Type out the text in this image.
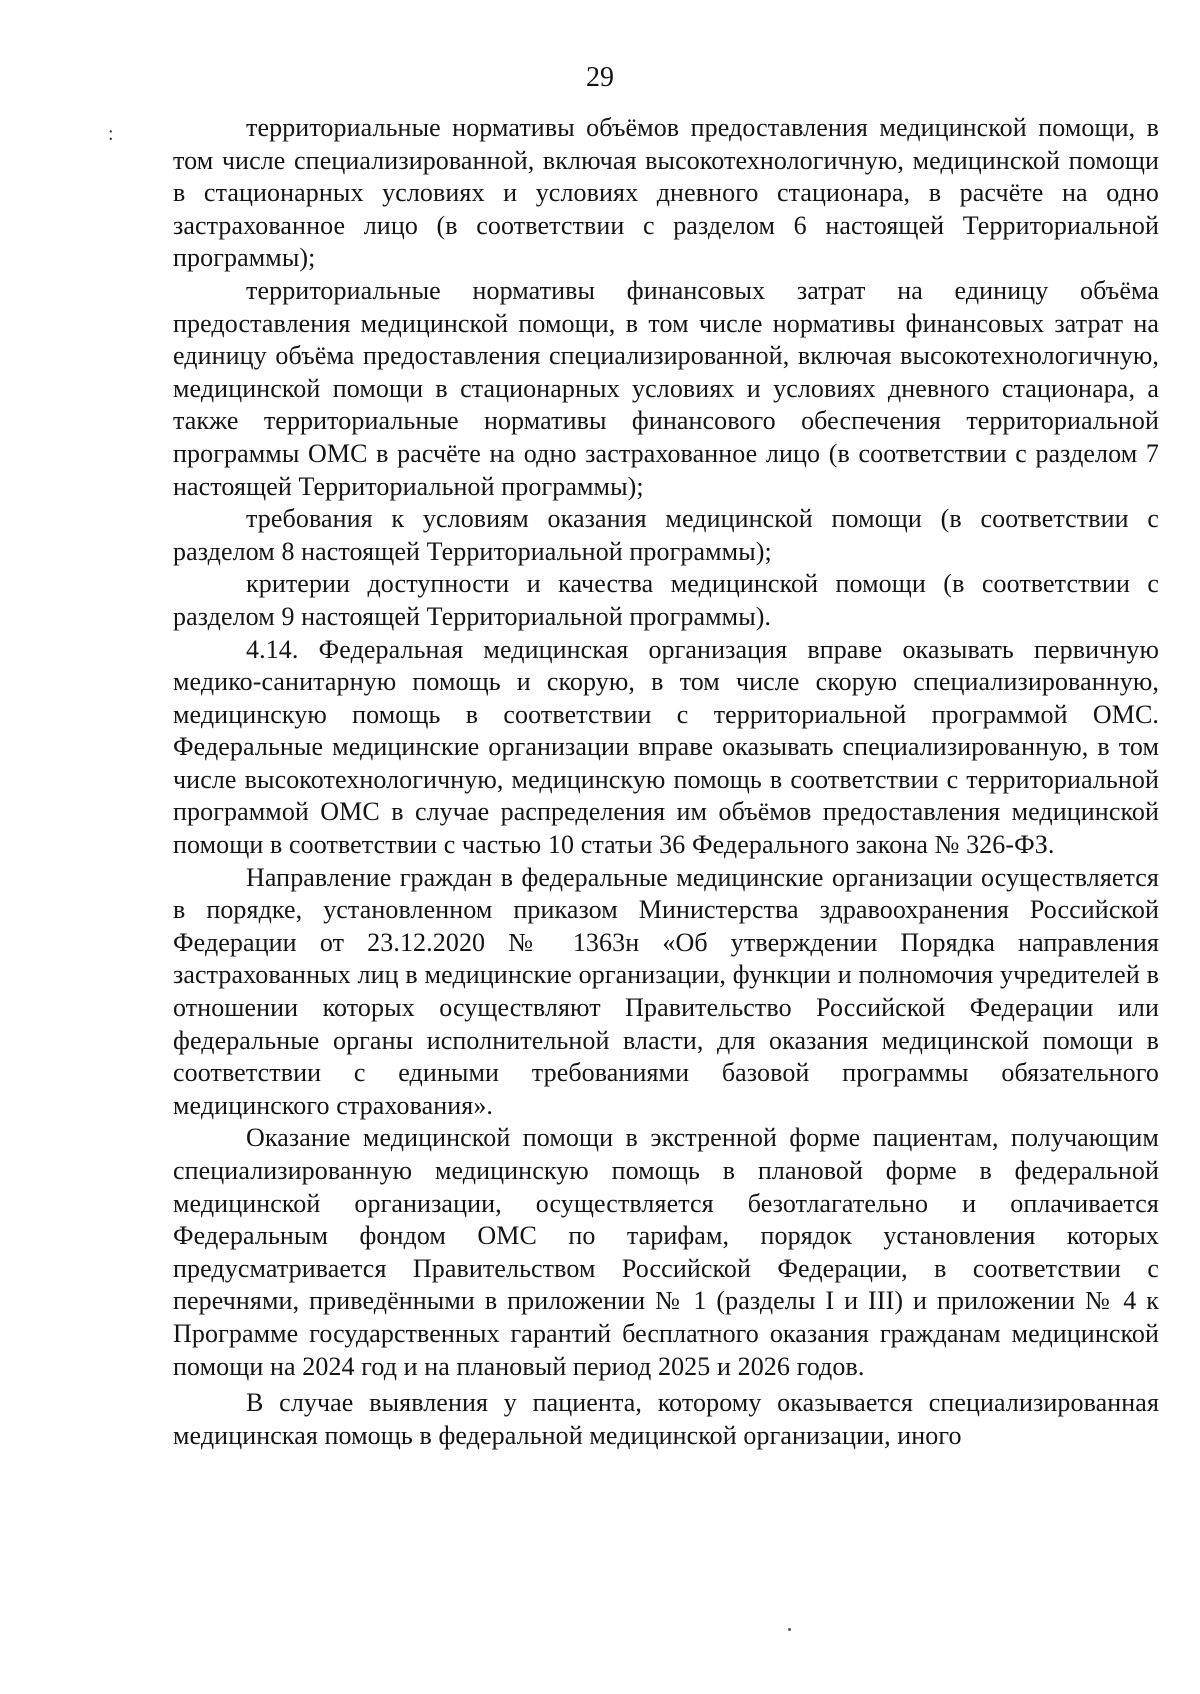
29
:	территориальные нормативы объёмов предоставления медицинской помощи, в том числе специализированной, включая высокотехнологичную, медицинской помощи в стационарных условиях и условиях дневного стационара, в расчёте на одно застрахованное лицо (в соответствии с разделом 6 настоящей Территориальной программы);

территориальные нормативы финансовых затрат на единицу объёма предоставления медицинской помощи, в том числе нормативы финансовых затрат на единицу объёма предоставления специализированной, включая высокотехнологичную, медицинской помощи в стационарных условиях и условиях дневного стационара, а также территориальные нормативы финансового обеспечения территориальной программы ОМС в расчёте на одно застрахованное лицо (в соответствии с разделом 7 настоящей Территориальной программы);

требования к условиям оказания медицинской помощи (в соответствии с разделом 8 настоящей Территориальной программы);

критерии доступности и качества медицинской помощи (в соответствии с разделом 9 настоящей Территориальной программы).

4.14. Федеральная медицинская организация вправе оказывать первичную медико-санитарную помощь и скорую, в том числе скорую специализированную, медицинскую помощь в соответствии с территориальной программой ОМС. Федеральные медицинские организации вправе оказывать специализированную, в том числе высокотехнологичную, медицинскую помощь в соответствии с территориальной программой ОМС в случае распределения им объёмов предоставления медицинской помощи в соответствии с частью 10 статьи 36 Федерального закона № 326-ФЗ.

Направление граждан в федеральные медицинские организации осуществляется в порядке, установленном приказом Министерства здравоохранения Российской Федерации от 23.12.2020 № 1363н «Об утверждении Порядка направления застрахованных лиц в медицинские организации, функции и полномочия учредителей в отношении которых осуществляют Правительство Российской Федерации или федеральные органы исполнительной власти, для оказания медицинской помощи в соответствии с едиными требованиями базовой программы обязательного медицинского страхования».

Оказание медицинской помощи в экстренной форме пациентам, получающим специализированную медицинскую помощь в плановой форме в федеральной медицинской организации, осуществляется безотлагательно и оплачивается Федеральным фондом ОМС по тарифам, порядок установления которых предусматривается Правительством Российской Федерации, в соответствии с перечнями, приведёнными в приложении № 1 (разделы I и III) и приложении № 4 к Программе государственных гарантий бесплатного оказания гражданам медицинской помощи на 2024 год и на плановый период 2025 и 2026 годов.

В случае выявления у пациента, которому оказывается специализированная медицинская помощь в федеральной медицинской организации, иного
